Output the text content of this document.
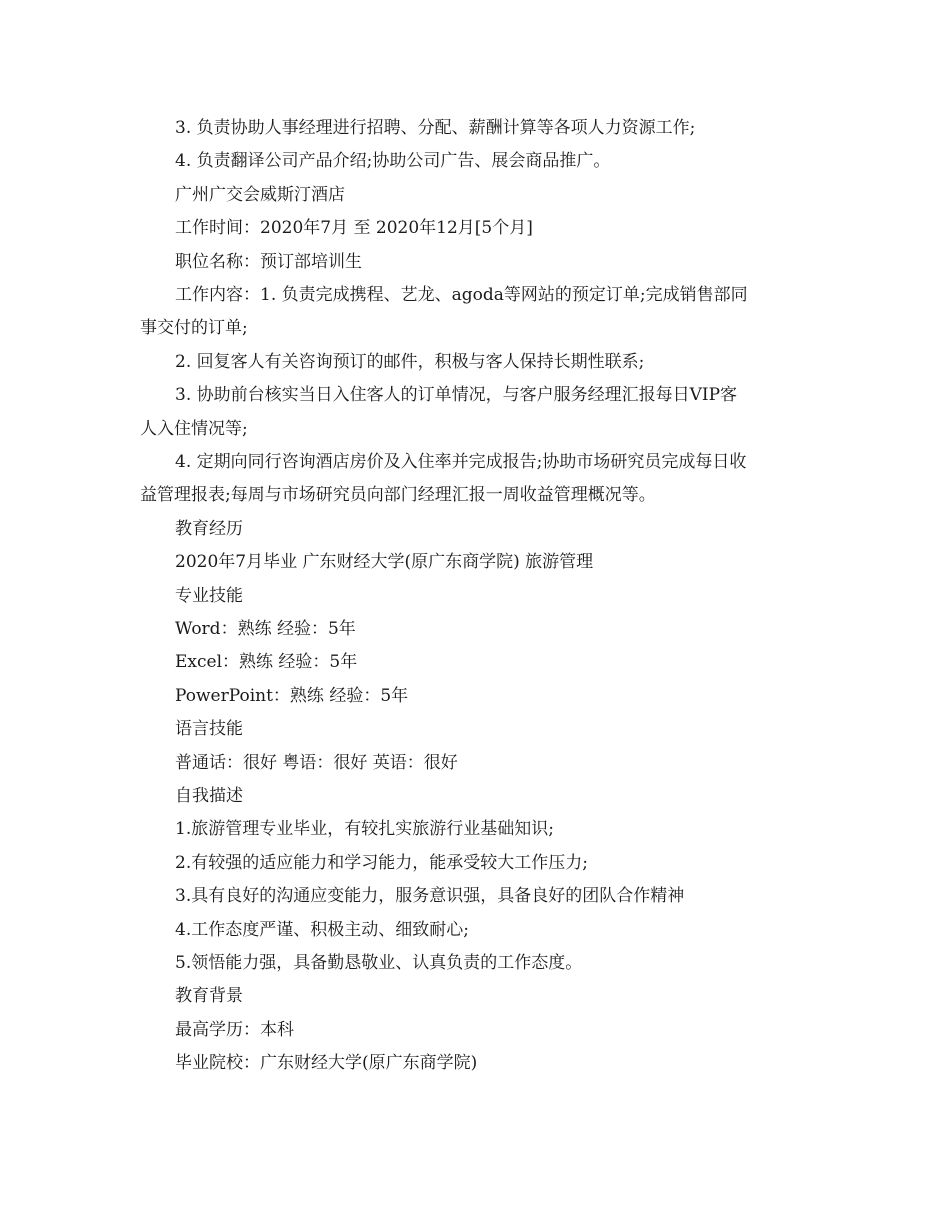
3. 负责协助人事经理进行招聘、分配、薪酬计算等各项人力资源工作;
4. 负责翻译公司产品介绍;协助公司广告、展会商品推广。
广州广交会威斯汀酒店
工作时间：2020年7月 至 2020年12月[5个月]
职位名称：预订部培训生
工作内容：1. 负责完成携程、艺龙、agoda等网站的预定订单;完成销售部同
事交付的订单;
2. 回复客人有关咨询预订的邮件，积极与客人保持长期性联系;
3. 协助前台核实当日入住客人的订单情况，与客户服务经理汇报每日VIP客
人入住情况等;
4. 定期向同行咨询酒店房价及入住率并完成报告;协助市场研究员完成每日收
益管理报表;每周与市场研究员向部门经理汇报一周收益管理概况等。
教育经历
2020年7月毕业 广东财经大学(原广东商学院) 旅游管理
专业技能
Word：熟练 经验：5年
Excel：熟练 经验：5年
PowerPoint：熟练 经验：5年
语言技能
普通话：很好 粤语：很好 英语：很好
自我描述
1.旅游管理专业毕业，有较扎实旅游行业基础知识;
2.有较强的适应能力和学习能力，能承受较大工作压力;
3.具有良好的沟通应变能力，服务意识强，具备良好的团队合作精神
4.工作态度严谨、积极主动、细致耐心;
5.领悟能力强，具备勤恳敬业、认真负责的工作态度。
教育背景
最高学历：本科
毕业院校：广东财经大学(原广东商学院)
